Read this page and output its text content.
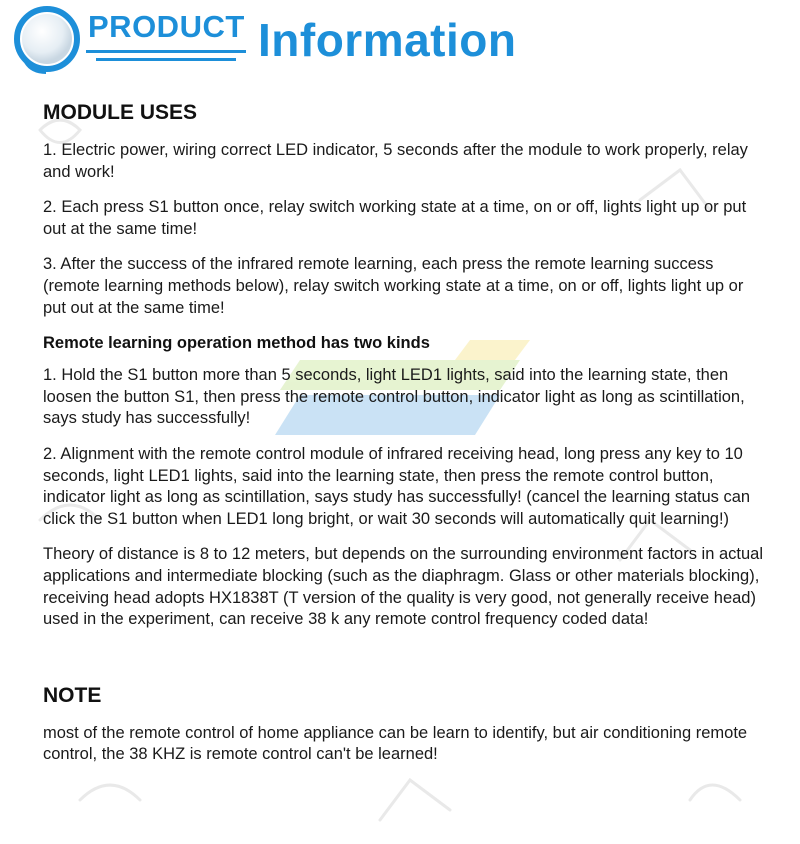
PRODUCT Information
MODULE USES

1. Electric power, wiring correct LED indicator, 5 seconds after the module to work properly, relay and work!

2. Each press S1 button once, relay switch working state at a time, on or off, lights light up or put out at the same time!

3. After the success of the infrared remote learning, each press the remote learning success (remote learning methods below), relay switch working state at a time, on or off, lights light up or put out at the same time!

Remote learning operation method has two kinds

1. Hold the S1 button more than 5 seconds, light LED1 lights, said into the learning state, then loosen the button S1, then press the remote control button, indicator light as long as scintillation, says study has successfully!

2. Alignment with the remote control module of infrared receiving head, long press any key to 10 seconds, light LED1 lights, said into the learning state, then press the remote control button, indicator light as long as scintillation, says study has successfully! (cancel the learning status can click the S1 button when LED1 long bright, or wait 30 seconds will automatically quit learning!)

Theory of distance is 8 to 12 meters, but depends on the surrounding environment factors in actual applications and intermediate blocking (such as the diaphragm. Glass or other materials blocking), receiving head adopts HX1838T (T version of the quality is very good, not generally receive head) used in the experiment, can receive 38 k any remote control frequency coded data!

NOTE

most of the remote control of home appliance can be learn to identify, but air conditioning remote control, the 38 KHZ is remote control can't be learned!
